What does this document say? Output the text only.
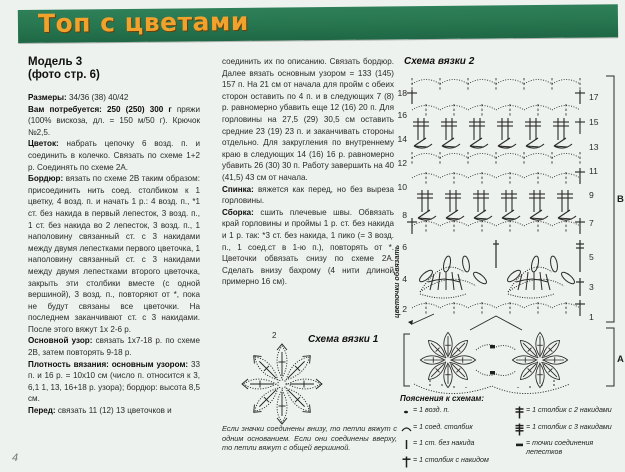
Топ с цветами
Модель 3
(фото стр. 6)

Размеры: 34/36 (38) 40/42

Вам потребуется: 250 (250) 300 г пряжи (100% вискоза, дл. = 150 м/50 г). Крючок №2,5.

Цветок: набрать цепочку 6 возд. п. и соединить в колечко. Связать по схеме 1+2 р. Соединять по схеме 2А.

Бордюр: вязать по схеме 2В таким образом: присоединить нить соед. столбиком к 1 цветку, 4 возд. п. и начать 1 р.: 4 возд. п., *1 ст. без накида в первый лепесток, 3 возд. п., 1 ст. без накида во 2 лепесток, 3 возд. п., 1 наполовину связанный ст. с 3 накидами между двумя лепестками первого цветочка, 1 наполовину связанный ст. с 3 накидами между двумя лепестками второго цветочка, закрыть эти столбики вместе (с одной вершиной), 3 возд. п., повторяют от *, пока не будут связаны все цветочки. На последнем заканчивают ст. с 3 накидами. После этого вяжут 1х 2-6 р.

Основной узор: связать 1х7-18 р. по схеме 2В, затем повторять 9-18 р.

Плотность вязания: основным узором: 33 п. и 16 р. = 10х10 см (число п. относится к 3, 6,1 1, 13, 16+18 р. узора); бордюр: высота 8,5 см.

Перед: связать 11 (12) 13 цветочков и

соединить их по описанию. Связать бордюр. Далее вязать основным узором = 133 (145) 157 п. На 21 см от начала для пройм с обеих сторон оставить по 4 п. и в следующих 7 (8) р. равномерно убавить еще 12 (16) 20 п. Для горловины на 27,5 (29) 30,5 см оставить средние 23 (19) 23 п. и заканчивать стороны отдельно. Для закругления по внутреннему краю в следующих 14 (16) 16 р. равномерно убавить 26 (30) 30 п. Работу завершить на 40 (41,5) 43 см от начала.

Спинка: вяжется как перед, но без выреза горловины.

Сборка: сшить плечевые швы. Обвязать край горловины и проймы 1 р. ст. без накида и 1 р. так: *3 ст. без накида, 1 пико (= 3 возд. п., 1 соед.ст в 1-ю п.), повторять от *. Цветочки обвязать снизу по схеме 2А. Сделать внизу бахрому (4 нити длиной примерно 16 см).

2	Схема вязки 1
Если значки соединены внизу, то петли вяжут с одним основанием. Если они соединены вверху, то петли вяжут с общей вершиной.
Схема вязки 2
цветочки обвязать
18
16
14
12
10
8
6
4
2
17
15
13
11
9
7
5
3
1
B
A
Пояснения к схемам:
= 1 возд. п.
= 1 соед. столбик
= 1 ст. без накида
= 1 столбик с накидом
= 1 столбик с 2 накидами
= 1 столбик с 3 накидами
= точки соединения лепестков
4
